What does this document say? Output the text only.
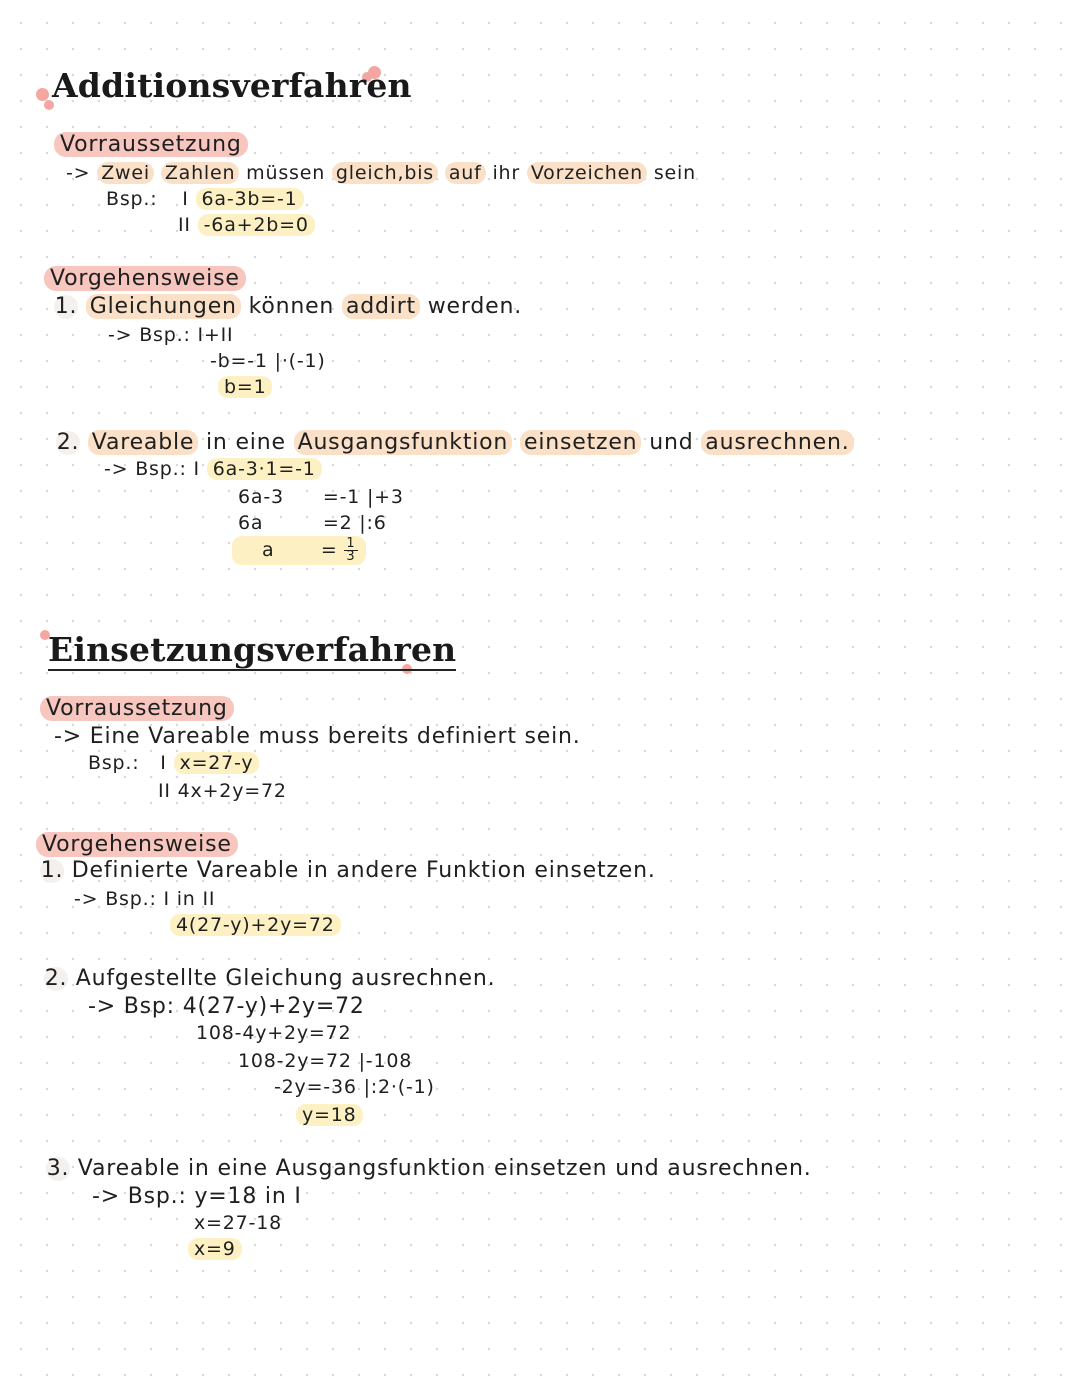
Additionsverfahren
Vorraussetzung
-> Zwei Zahlen müssen gleich,bis auf ihr Vorzeichen sein
Bsp.: I 6a-3b=-1
II -6a+2b=0
Vorgehensweise
1. Gleichungen können addirt werden.
-> Bsp.: I+II
-b=-1 |·(-1)
b=1
2. Vareable in eine Ausgangsfunktion einsetzen und ausrechnen.
-> Bsp.: I 6a-3·1=-1
6a-3 =-1 |+3
6a	=2 |:6
$a = \frac{1}{3}$
Einsetzungsverfahren
Vorraussetzung
-> Eine Vareable muss bereits definiert sein.
Bsp.: I x=27-y
II 4x+2y=72
Vorgehensweise
1. Definierte Vareable in andere Funktion einsetzen.
-> Bsp.: I in II
4(27-y)+2y=72
2. Aufgestellte Gleichung ausrechnen.
-> Bsp: 4(27-y)+2y=72
108-4y+2y=72
108-2y=72 |-108
-2y=-36 |:2·(-1)
y=18
3. Vareable in eine Ausgangsfunktion einsetzen und ausrechnen.
-> Bsp.: y=18 in I
x=27-18
x=9
